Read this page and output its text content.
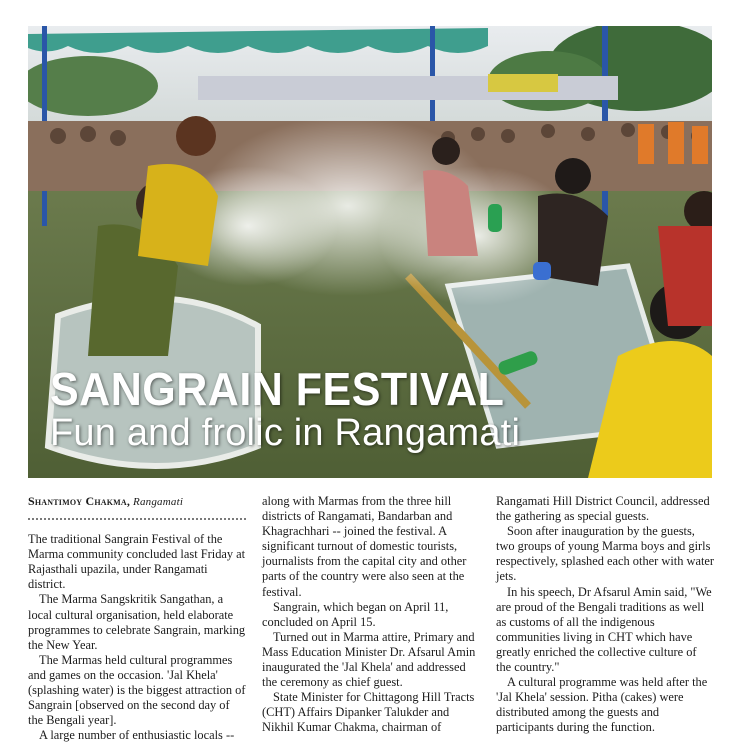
SANGRAIN FESTIVAL
Fun and frolic in Rangamati
Shantimoy Chakma, Rangamati

The traditional Sangrain Festival of the Marma community concluded last Friday at Rajasthali upazila, under Rangamati district.

The Marma Sangskritik Sangathan, a local cultural organisation, held elaborate programmes to celebrate Sangrain, marking the New Year.

The Marmas held cultural programmes and games on the occasion. 'Jal Khela' (splashing water) is the biggest attraction of Sangrain [observed on the second day of the Bengali year].

A large number of enthusiastic locals --

along with Marmas from the three hill districts of Rangamati, Bandarban and Khagrachhari -- joined the festival. A significant turnout of domestic tourists, journalists from the capital city and other parts of the country were also seen at the festival.

Sangrain, which began on April 11, concluded on April 15.

Turned out in Marma attire, Primary and Mass Education Minister Dr. Afsarul Amin inaugurated the 'Jal Khela' and addressed the ceremony as chief guest.

State Minister for Chittagong Hill Tracts (CHT) Affairs Dipanker Talukder and Nikhil Kumar Chakma, chairman of

Rangamati Hill District Council, addressed the gathering as special guests.

Soon after inauguration by the guests, two groups of young Marma boys and girls respectively, splashed each other with water jets.

In his speech, Dr Afsarul Amin said, "We are proud of the Bengali traditions as well as customs of all the indigenous communities living in CHT which have greatly enriched the collective culture of the country."

A cultural programme was held after the 'Jal Khela' session. Pitha (cakes) were distributed among the guests and participants during the function.
